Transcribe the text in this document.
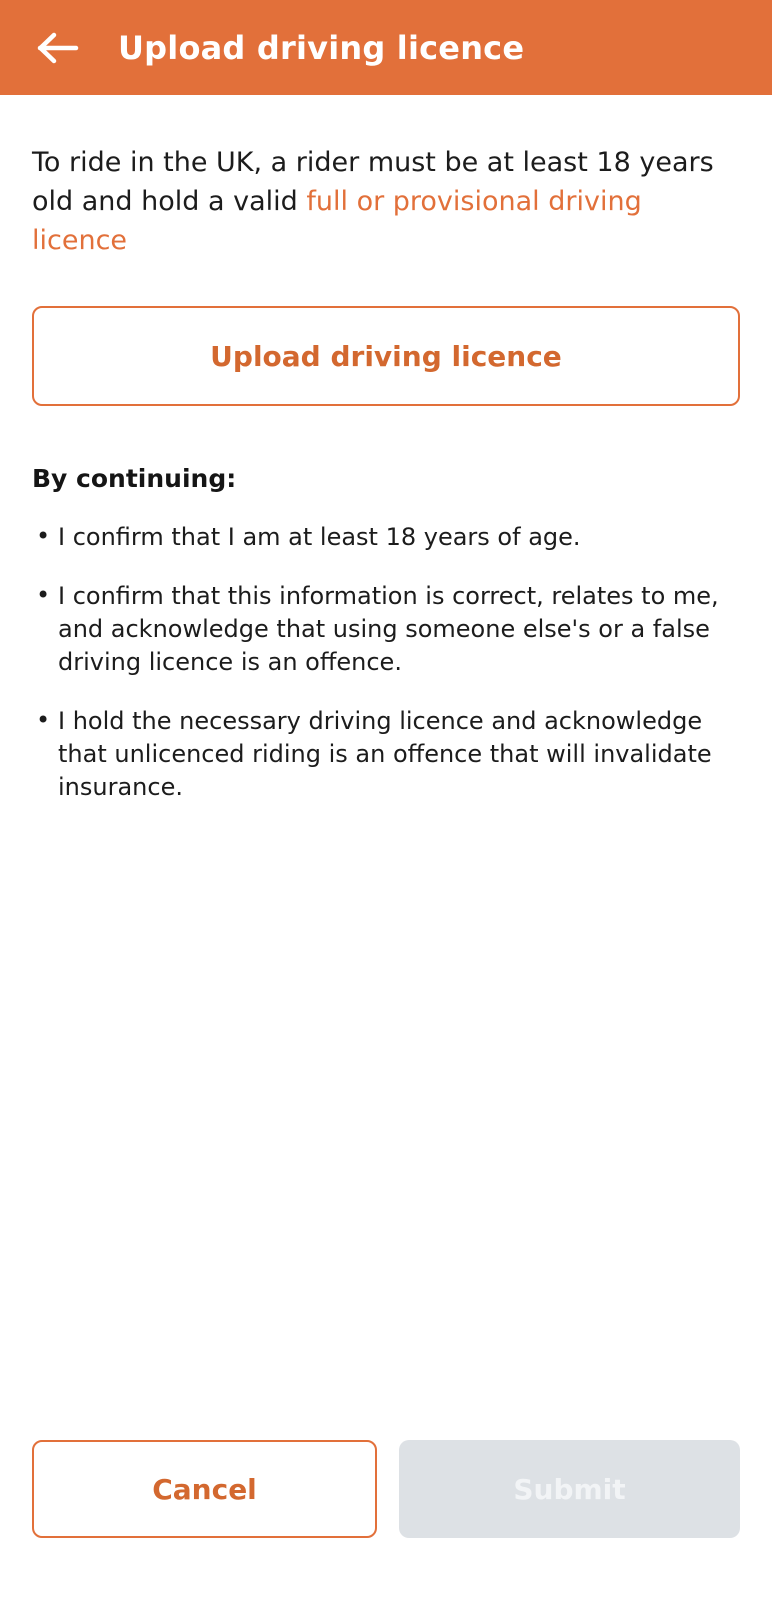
Upload driving licence

To ride in the UK, a rider must be at least 18 years old and hold a valid full or provisional driving licence

Upload driving licence
By continuing:
• I confirm that I am at least 18 years of age.
• I confirm that this information is correct, relates to me, and acknowledge that using someone else's or a false driving licence is an offence.
• I hold the necessary driving licence and acknowledge that unlicenced riding is an offence that will invalidate insurance.
Cancel	Submit
